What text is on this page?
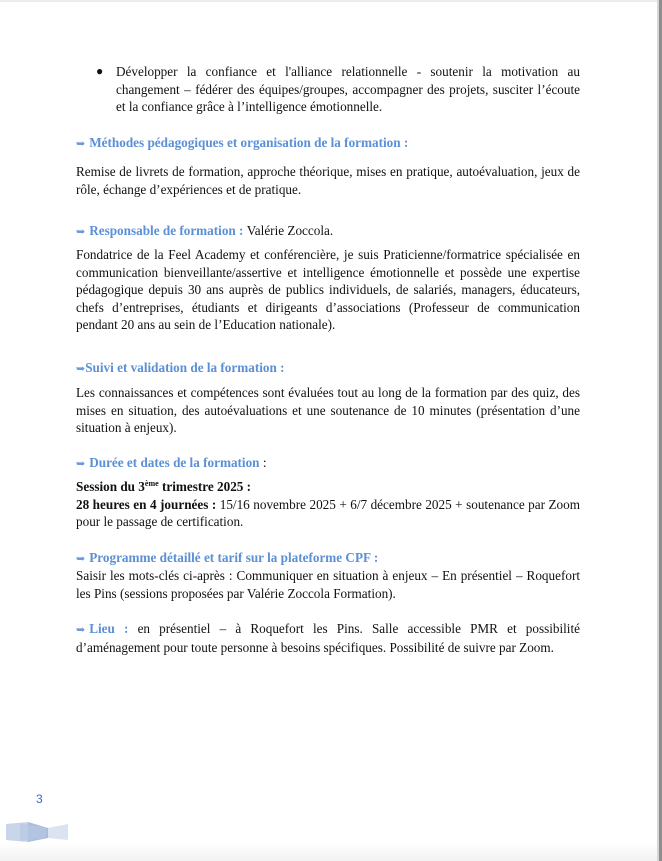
● Développer la confiance et l'alliance relationnelle - soutenir la motivation au changement – fédérer des équipes/groupes, accompagner des projets, susciter l’écoute et la confiance grâce à l’intelligence émotionnelle.

➥ Méthodes pédagogiques et organisation de la formation :

Remise de livrets de formation, approche théorique, mises en pratique, autoévaluation, jeux de rôle, échange d’expériences et de pratique.

➥ Responsable de formation : Valérie Zoccola.

Fondatrice de la Feel Academy et conférencière, je suis Praticienne/formatrice spécialisée en communication bienveillante/assertive et intelligence émotionnelle et possède une expertise pédagogique depuis 30 ans auprès de publics individuels, de salariés, managers, éducateurs, chefs d’entreprises, étudiants et dirigeants d’associations (Professeur de communication pendant 20 ans au sein de l’Education nationale).

➥Suivi et validation de la formation :

Les connaissances et compétences sont évaluées tout au long de la formation par des quiz, des mises en situation, des autoévaluations et une soutenance de 10 minutes (présentation d’une situation à enjeux).

➥ Durée et dates de la formation :

Session du 3ème trimestre 2025 :

28 heures en 4 journées : 15/16 novembre 2025 + 6/7 décembre 2025 + soutenance par Zoom pour le passage de certification.

➥ Programme détaillé et tarif sur la plateforme CPF :

Saisir les mots-clés ci-après : Communiquer en situation à enjeux – En présentiel – Roquefort les Pins (sessions proposées par Valérie Zoccola Formation).

➥ Lieu : en présentiel – à Roquefort les Pins. Salle accessible PMR et possibilité d’aménagement pour toute personne à besoins spécifiques. Possibilité de suivre par Zoom.

3
